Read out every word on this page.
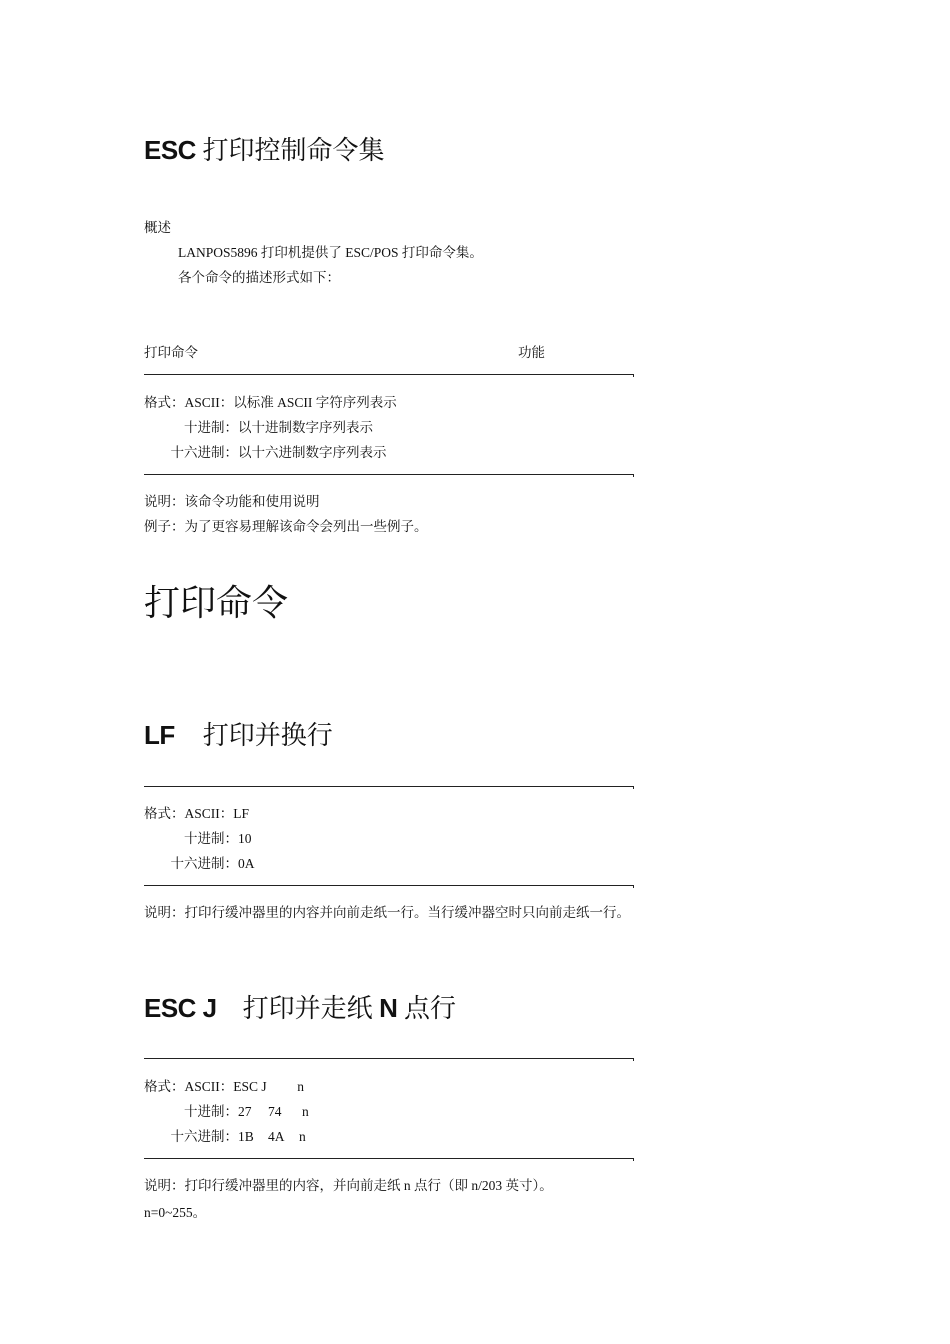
ESC 打印控制命令集
概述
LANPOS5896 打印机提供了 ESC/POS 打印命令集。
各个命令的描述形式如下：
打印命令	功能
格式：ASCII：以标准 ASCII 字符序列表示
十进制：以十进制数字序列表示
十六进制：以十六进制数字序列表示
说明：该命令功能和使用说明
例子：为了更容易理解该命令会列出一些例子。
打印命令
LF 打印并换行
格式：ASCII：LF
十进制：10
十六进制：0A
说明：打印行缓冲器里的内容并向前走纸一行。当行缓冲器空时只向前走纸一行。
ESC J 打印并走纸 N 点行
格式：ASCII：ESC J n
十进制：27 74 n
十六进制：1B 4A n
说明：打印行缓冲器里的内容，并向前走纸 n 点行（即 n/203 英寸）。
n=0~255。
